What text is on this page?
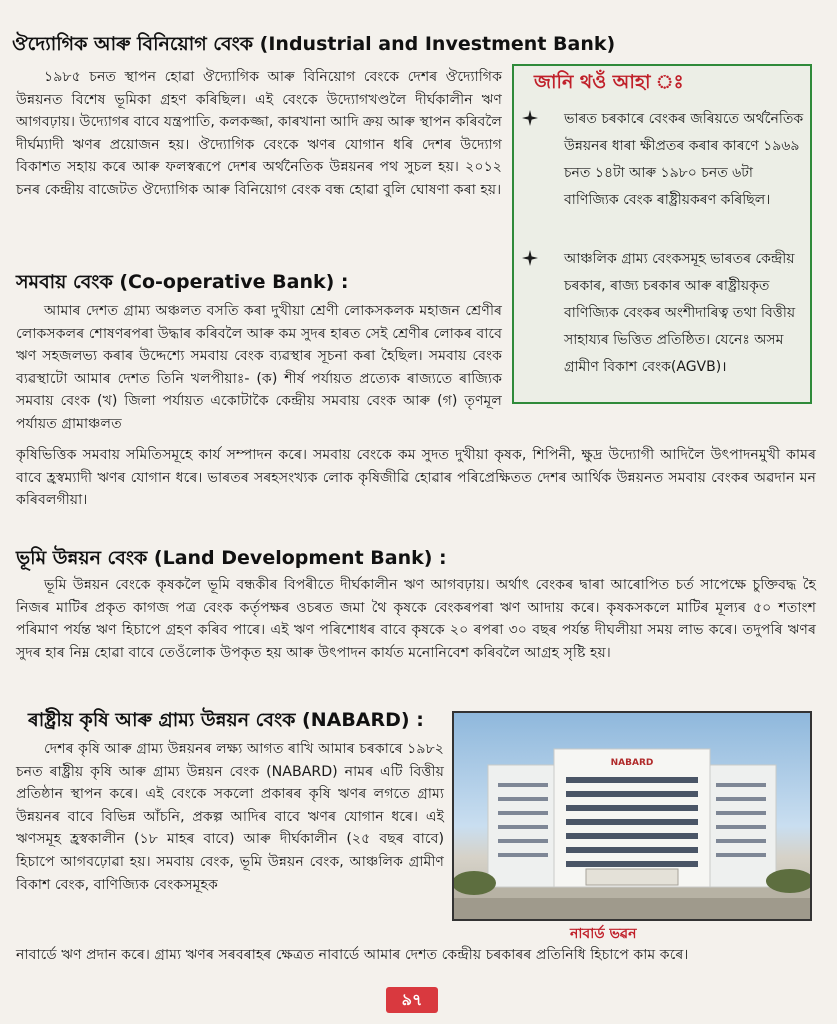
ঔদ্যোগিক আৰু বিনিয়োগ বেংক (Industrial and Investment Bank)

১৯৮৫ চনত স্থাপন হোৱা ঔদ্যোগিক আৰু বিনিয়োগ বেংকে দেশৰ ঔদ্যোগিক উন্নয়নত বিশেষ ভূমিকা গ্ৰহণ কৰিছিল। এই বেংকে উদ্যোগখণ্ডলৈ দীৰ্ঘকালীন ঋণ আগবঢ়ায়। উদ্যোগৰ বাবে যন্ত্ৰপাতি, কলকজ্জা, কাৰখানা আদি ক্ৰয় আৰু স্থাপন কৰিবলৈ দীৰ্ঘম্যাদী ঋণৰ প্ৰয়োজন হয়। ঔদ্যোগিক বেংকে ঋণৰ যোগান ধৰি দেশৰ উদ্যোগ বিকাশত সহায় কৰে আৰু ফলস্বৰূপে দেশৰ অৰ্থনৈতিক উন্নয়নৰ পথ সুচল হয়। ২০১২ চনৰ কেন্দ্ৰীয় বাজেটত ঔদ্যোগিক আৰু বিনিয়োগ বেংক বন্ধ হোৱা বুলি ঘোষণা কৰা হয়।

জানি থওঁ আহা ঃ

ভাৰত চৰকাৰে বেংকৰ জৰিয়তে অৰ্থনৈতিক উন্নয়নৰ ধাৰা ক্ষীপ্ৰতৰ কৰাৰ কাৰণে ১৯৬৯ চনত ১৪টা আৰু ১৯৮০ চনত ৬টা বাণিজ্যিক বেংক ৰাষ্ট্ৰীয়কৰণ কৰিছিল।

আঞ্চলিক গ্ৰাম্য বেংকসমূহ ভাৰতৰ কেন্দ্ৰীয় চৰকাৰ, ৰাজ্য চৰকাৰ আৰু ৰাষ্ট্ৰীয়কৃত বাণিজ্যিক বেংকৰ অংশীদাৰিত্ব তথা বিত্তীয় সাহায্যৰ ভিত্তিত প্ৰতিষ্ঠিত। যেনেঃ অসম গ্ৰামীণ বিকাশ বেংক(AGVB)।

সমবায় বেংক (Co-operative Bank) :

আমাৰ দেশত গ্ৰাম্য অঞ্চলত বসতি কৰা দুখীয়া শ্ৰেণী লোকসকলক মহাজন শ্ৰেণীৰ লোকসকলৰ শোষণৰপৰা উদ্ধাৰ কৰিবলৈ আৰু কম সুদৰ হাৰত সেই শ্ৰেণীৰ লোকৰ বাবে ঋণ সহজলভ্য কৰাৰ উদ্দেশ্যে সমবায় বেংক ব্যৱস্থাৰ সূচনা কৰা হৈছিল। সমবায় বেংক ব্যৱস্থাটো আমাৰ দেশত তিনি খলপীয়াঃ- (ক) শীৰ্ষ পৰ্যায়ত প্ৰত্যেক ৰাজ্যতে ৰাজ্যিক সমবায় বেংক (খ) জিলা পৰ্যায়ত একোটাকৈ কেন্দ্ৰীয় সমবায় বেংক আৰু (গ) তৃণমূল পৰ্যায়ত গ্ৰামাঞ্চলত

কৃষিভিত্তিক সমবায় সমিতিসমূহে কাৰ্য সম্পাদন কৰে। সমবায় বেংকে কম সুদত দুখীয়া কৃষক, শিপিনী, ক্ষুদ্ৰ উদ্যোগী আদিলৈ উৎপাদনমুখী কামৰ বাবে হ্ৰস্বম্যাদী ঋণৰ যোগান ধৰে। ভাৰতৰ সৰহসংখ্যক লোক কৃষিজীৱি হোৱাৰ পৰিপ্ৰেক্ষিতত দেশৰ আৰ্থিক উন্নয়নত সমবায় বেংকৰ অৱদান মন কৰিবলগীয়া।

ভূমি উন্নয়ন বেংক (Land Development Bank) :

ভূমি উন্নয়ন বেংকে কৃষকলৈ ভূমি বন্ধকীৰ বিপৰীতে দীৰ্ঘকালীন ঋণ আগবঢ়ায়। অৰ্থাৎ বেংকৰ দ্বাৰা আৰোপিত চৰ্ত সাপেক্ষে চুক্তিবদ্ধ হৈ নিজৰ মাটিৰ প্ৰকৃত কাগজ পত্ৰ বেংক কৰ্তৃপক্ষৰ ওচৰত জমা থৈ কৃষকে বেংকৰপৰা ঋণ আদায় কৰে। কৃষকসকলে মাটিৰ মূল্যৰ ৫০ শতাংশ পৰিমাণ পৰ্যন্ত ঋণ হিচাপে গ্ৰহণ কৰিব পাৰে। এই ঋণ পৰিশোধৰ বাবে কৃষকে ২০ ৰপৰা ৩০ বছৰ পৰ্যন্ত দীঘলীয়া সময় লাভ কৰে। তদুপৰি ঋণৰ সুদৰ হাৰ নিম্ন হোৱা বাবে তেওঁলোক উপকৃত হয় আৰু উৎপাদন কাৰ্যত মনোনিবেশ কৰিবলৈ আগ্ৰহ সৃষ্টি হয়।

ৰাষ্ট্ৰীয় কৃষি আৰু গ্ৰাম্য উন্নয়ন বেংক (NABARD) :

দেশৰ কৃষি আৰু গ্ৰাম্য উন্নয়নৰ লক্ষ্য আগত ৰাখি আমাৰ চৰকাৰে ১৯৮২ চনত ৰাষ্ট্ৰীয় কৃষি আৰু গ্ৰাম্য উন্নয়ন বেংক (NABARD) নামৰ এটি বিত্তীয় প্ৰতিষ্ঠান স্থাপন কৰে। এই বেংকে সকলো প্ৰকাৰৰ কৃষি ঋণৰ লগতে গ্ৰাম্য উন্নয়নৰ বাবে বিভিন্ন আঁচনি, প্ৰকল্প আদিৰ বাবে ঋণৰ যোগান ধৰে। এই ঋণসমূহ হ্ৰস্বকালীন (১৮ মাহৰ বাবে) আৰু দীৰ্ঘকালীন (২৫ বছৰ বাবে) হিচাপে আগবঢ়োৱা হয়। সমবায় বেংক, ভূমি উন্নয়ন বেংক, আঞ্চলিক গ্ৰামীণ বিকাশ বেংক, বাণিজ্যিক বেংকসমূহক

নাবাৰ্ডে ঋণ প্ৰদান কৰে। গ্ৰাম্য ঋণৰ সৰবৰাহৰ ক্ষেত্ৰত নাবাৰ্ডে আমাৰ দেশত কেন্দ্ৰীয় চৰকাৰৰ প্ৰতিনিধি হিচাপে কাম কৰে।

NABARD
নাবাৰ্ড ভৱন
৯৭
